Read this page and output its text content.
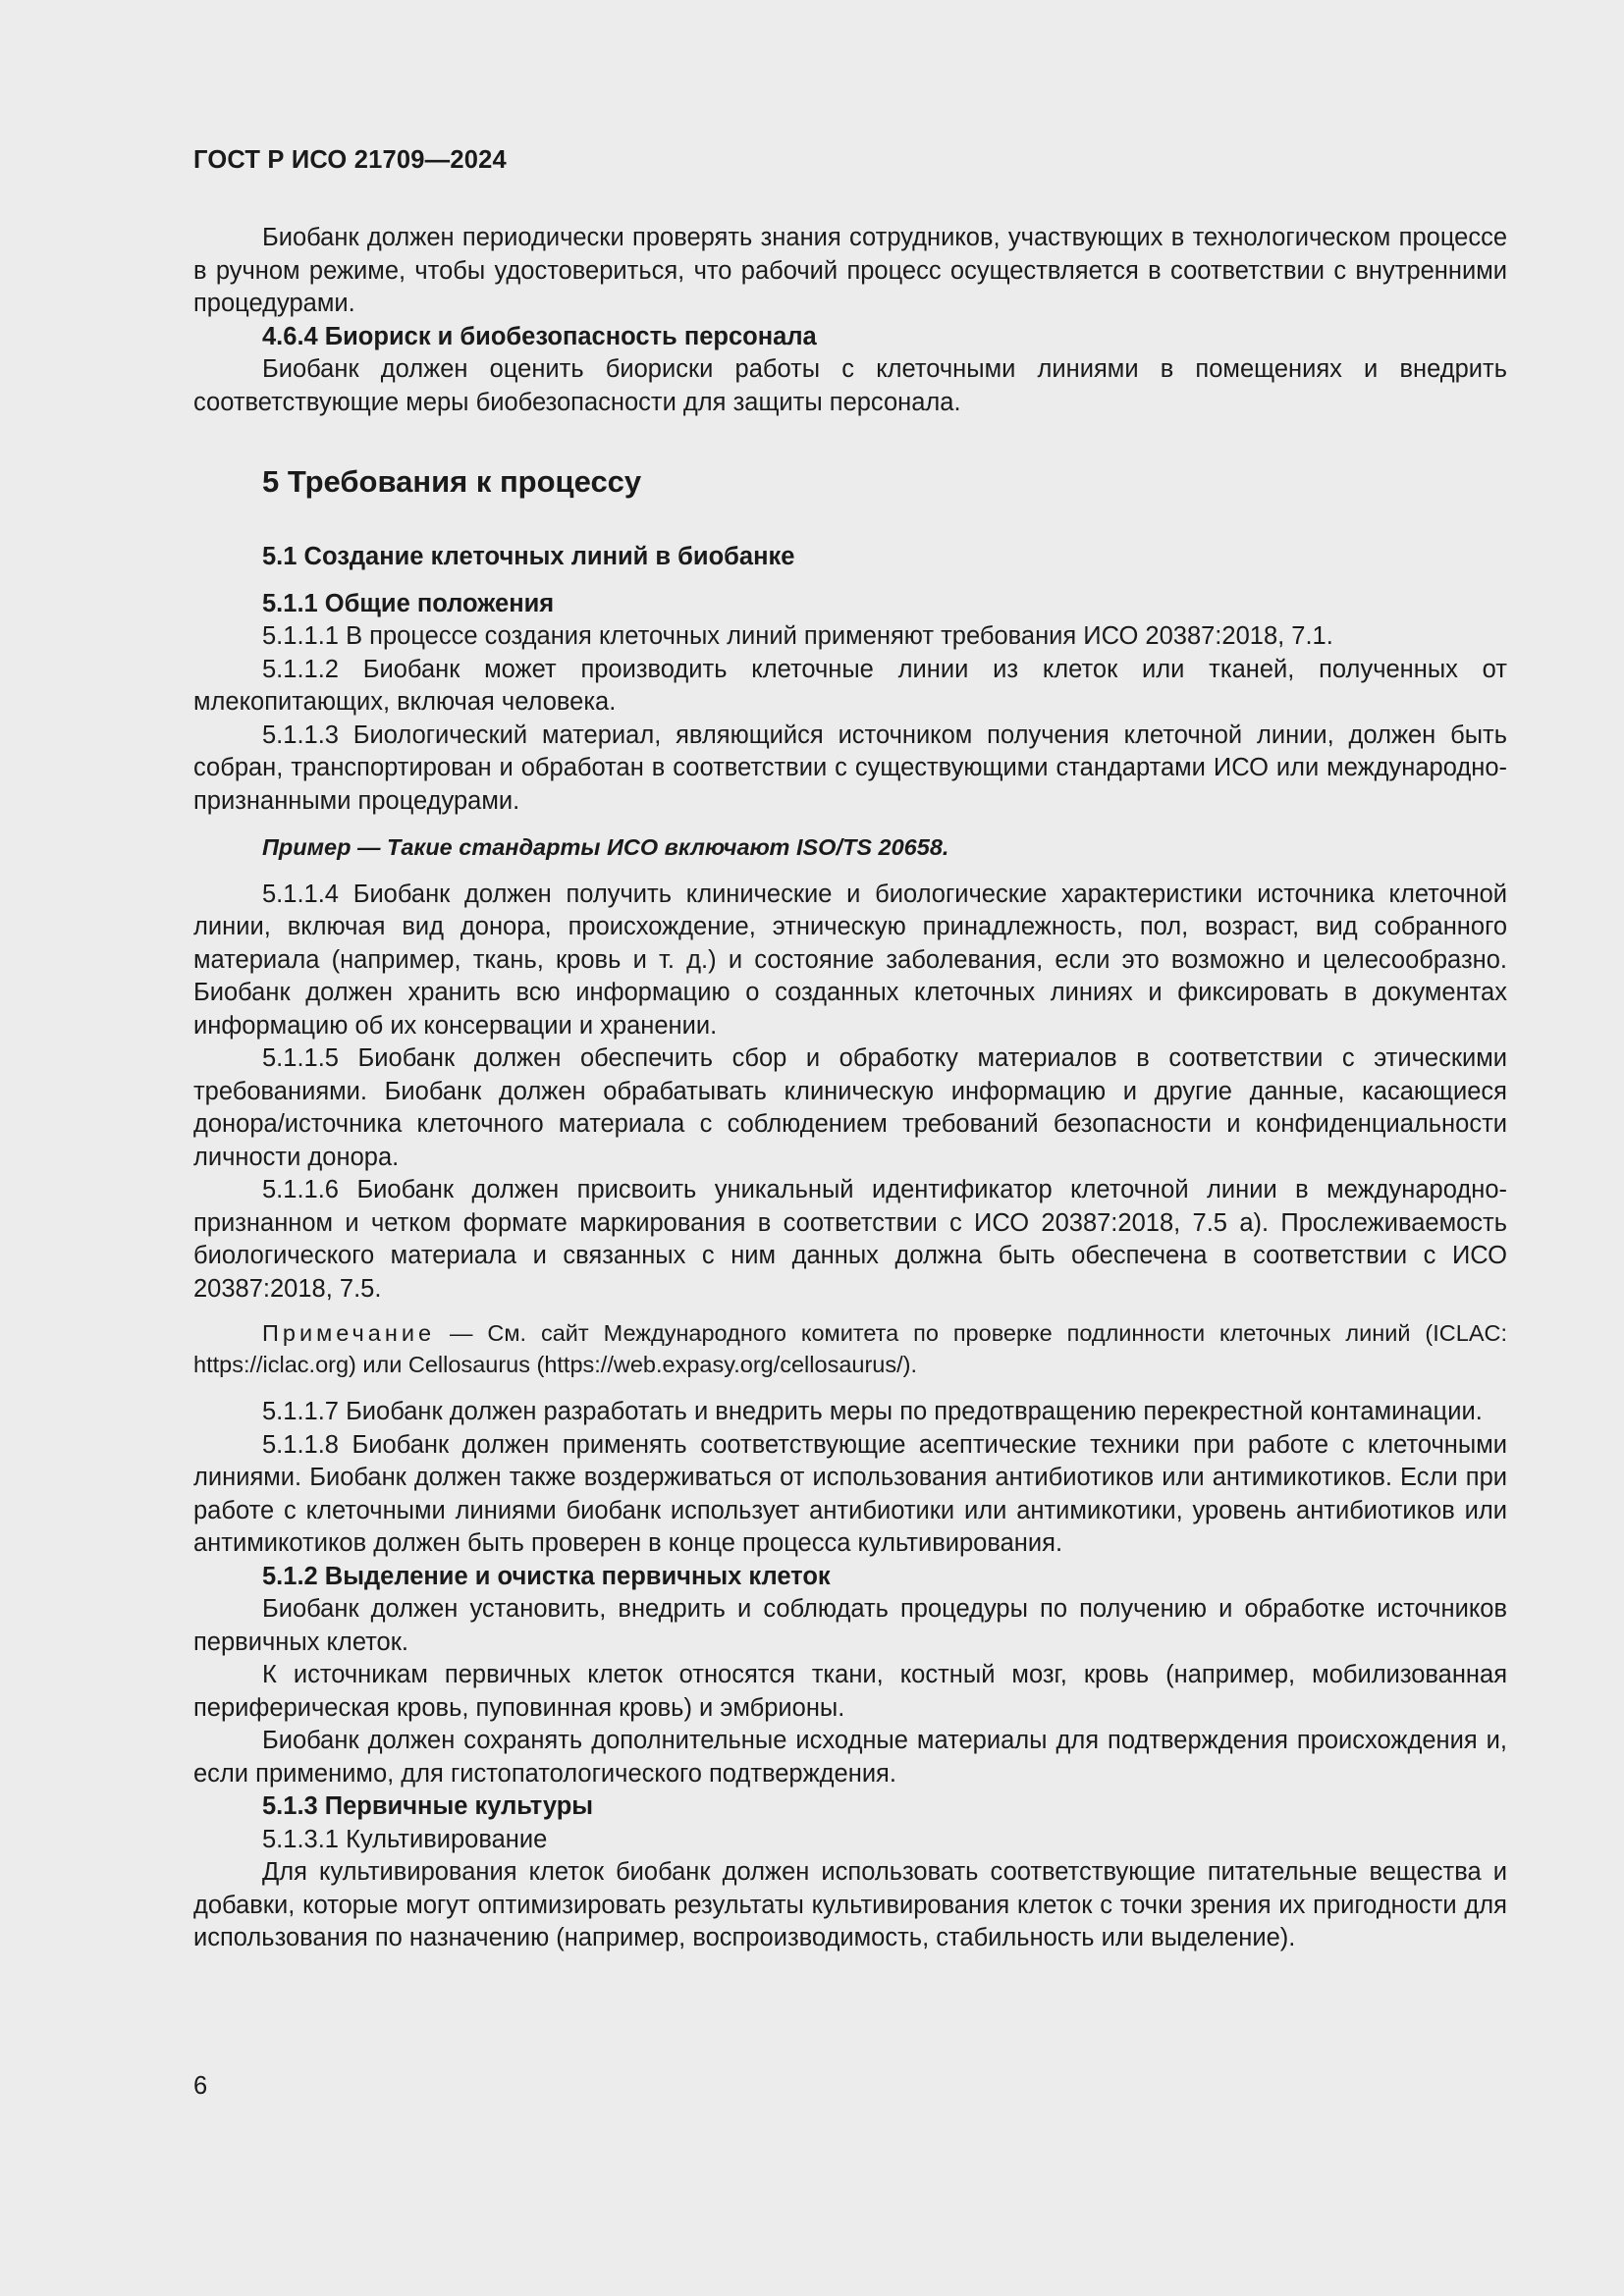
ГОСТ Р ИСО 21709—2024

Биобанк должен периодически проверять знания сотрудников, участвующих в технологическом процессе в ручном режиме, чтобы удостовериться, что рабочий процесс осуществляется в соответствии с внутренними процедурами.

4.6.4 Биориск и биобезопасность персонала

Биобанк должен оценить биориски работы с клеточными линиями в помещениях и внедрить соответствующие меры биобезопасности для защиты персонала.

5 Требования к процессу

5.1 Создание клеточных линий в биобанке

5.1.1 Общие положения

5.1.1.1 В процессе создания клеточных линий применяют требования ИСО 20387:2018, 7.1.

5.1.1.2 Биобанк может производить клеточные линии из клеток или тканей, полученных от млекопитающих, включая человека.

5.1.1.3 Биологический материал, являющийся источником получения клеточной линии, должен быть собран, транспортирован и обработан в соответствии с существующими стандартами ИСО или международно-признанными процедурами.

Пример — Такие стандарты ИСО включают ISO/TS 20658.

5.1.1.4 Биобанк должен получить клинические и биологические характеристики источника клеточной линии, включая вид донора, происхождение, этническую принадлежность, пол, возраст, вид собранного материала (например, ткань, кровь и т. д.) и состояние заболевания, если это возможно и целесообразно. Биобанк должен хранить всю информацию о созданных клеточных линиях и фиксировать в документах информацию об их консервации и хранении.

5.1.1.5 Биобанк должен обеспечить сбор и обработку материалов в соответствии с этическими требованиями. Биобанк должен обрабатывать клиническую информацию и другие данные, касающиеся донора/источника клеточного материала с соблюдением требований безопасности и конфиденциальности личности донора.

5.1.1.6 Биобанк должен присвоить уникальный идентификатор клеточной линии в международно-признанном и четком формате маркирования в соответствии с ИСО 20387:2018, 7.5 a). Прослеживаемость биологического материала и связанных с ним данных должна быть обеспечена в соответствии с ИСО 20387:2018, 7.5.

Примечание — См. сайт Международного комитета по проверке подлинности клеточных линий (ICLAC: https://iclac.org) или Cellosaurus (https://web.expasy.org/cellosaurus/).

5.1.1.7 Биобанк должен разработать и внедрить меры по предотвращению перекрестной контаминации.

5.1.1.8 Биобанк должен применять соответствующие асептические техники при работе с клеточными линиями. Биобанк должен также воздерживаться от использования антибиотиков или антимикотиков. Если при работе с клеточными линиями биобанк использует антибиотики или антимикотики, уровень антибиотиков или антимикотиков должен быть проверен в конце процесса культивирования.

5.1.2 Выделение и очистка первичных клеток

Биобанк должен установить, внедрить и соблюдать процедуры по получению и обработке источников первичных клеток.

К источникам первичных клеток относятся ткани, костный мозг, кровь (например, мобилизованная периферическая кровь, пуповинная кровь) и эмбрионы.

Биобанк должен сохранять дополнительные исходные материалы для подтверждения происхождения и, если применимо, для гистопатологического подтверждения.

5.1.3 Первичные культуры

5.1.3.1 Культивирование

Для культивирования клеток биобанк должен использовать соответствующие питательные вещества и добавки, которые могут оптимизировать результаты культивирования клеток с точки зрения их пригодности для использования по назначению (например, воспроизводимость, стабильность или выделение).

6
